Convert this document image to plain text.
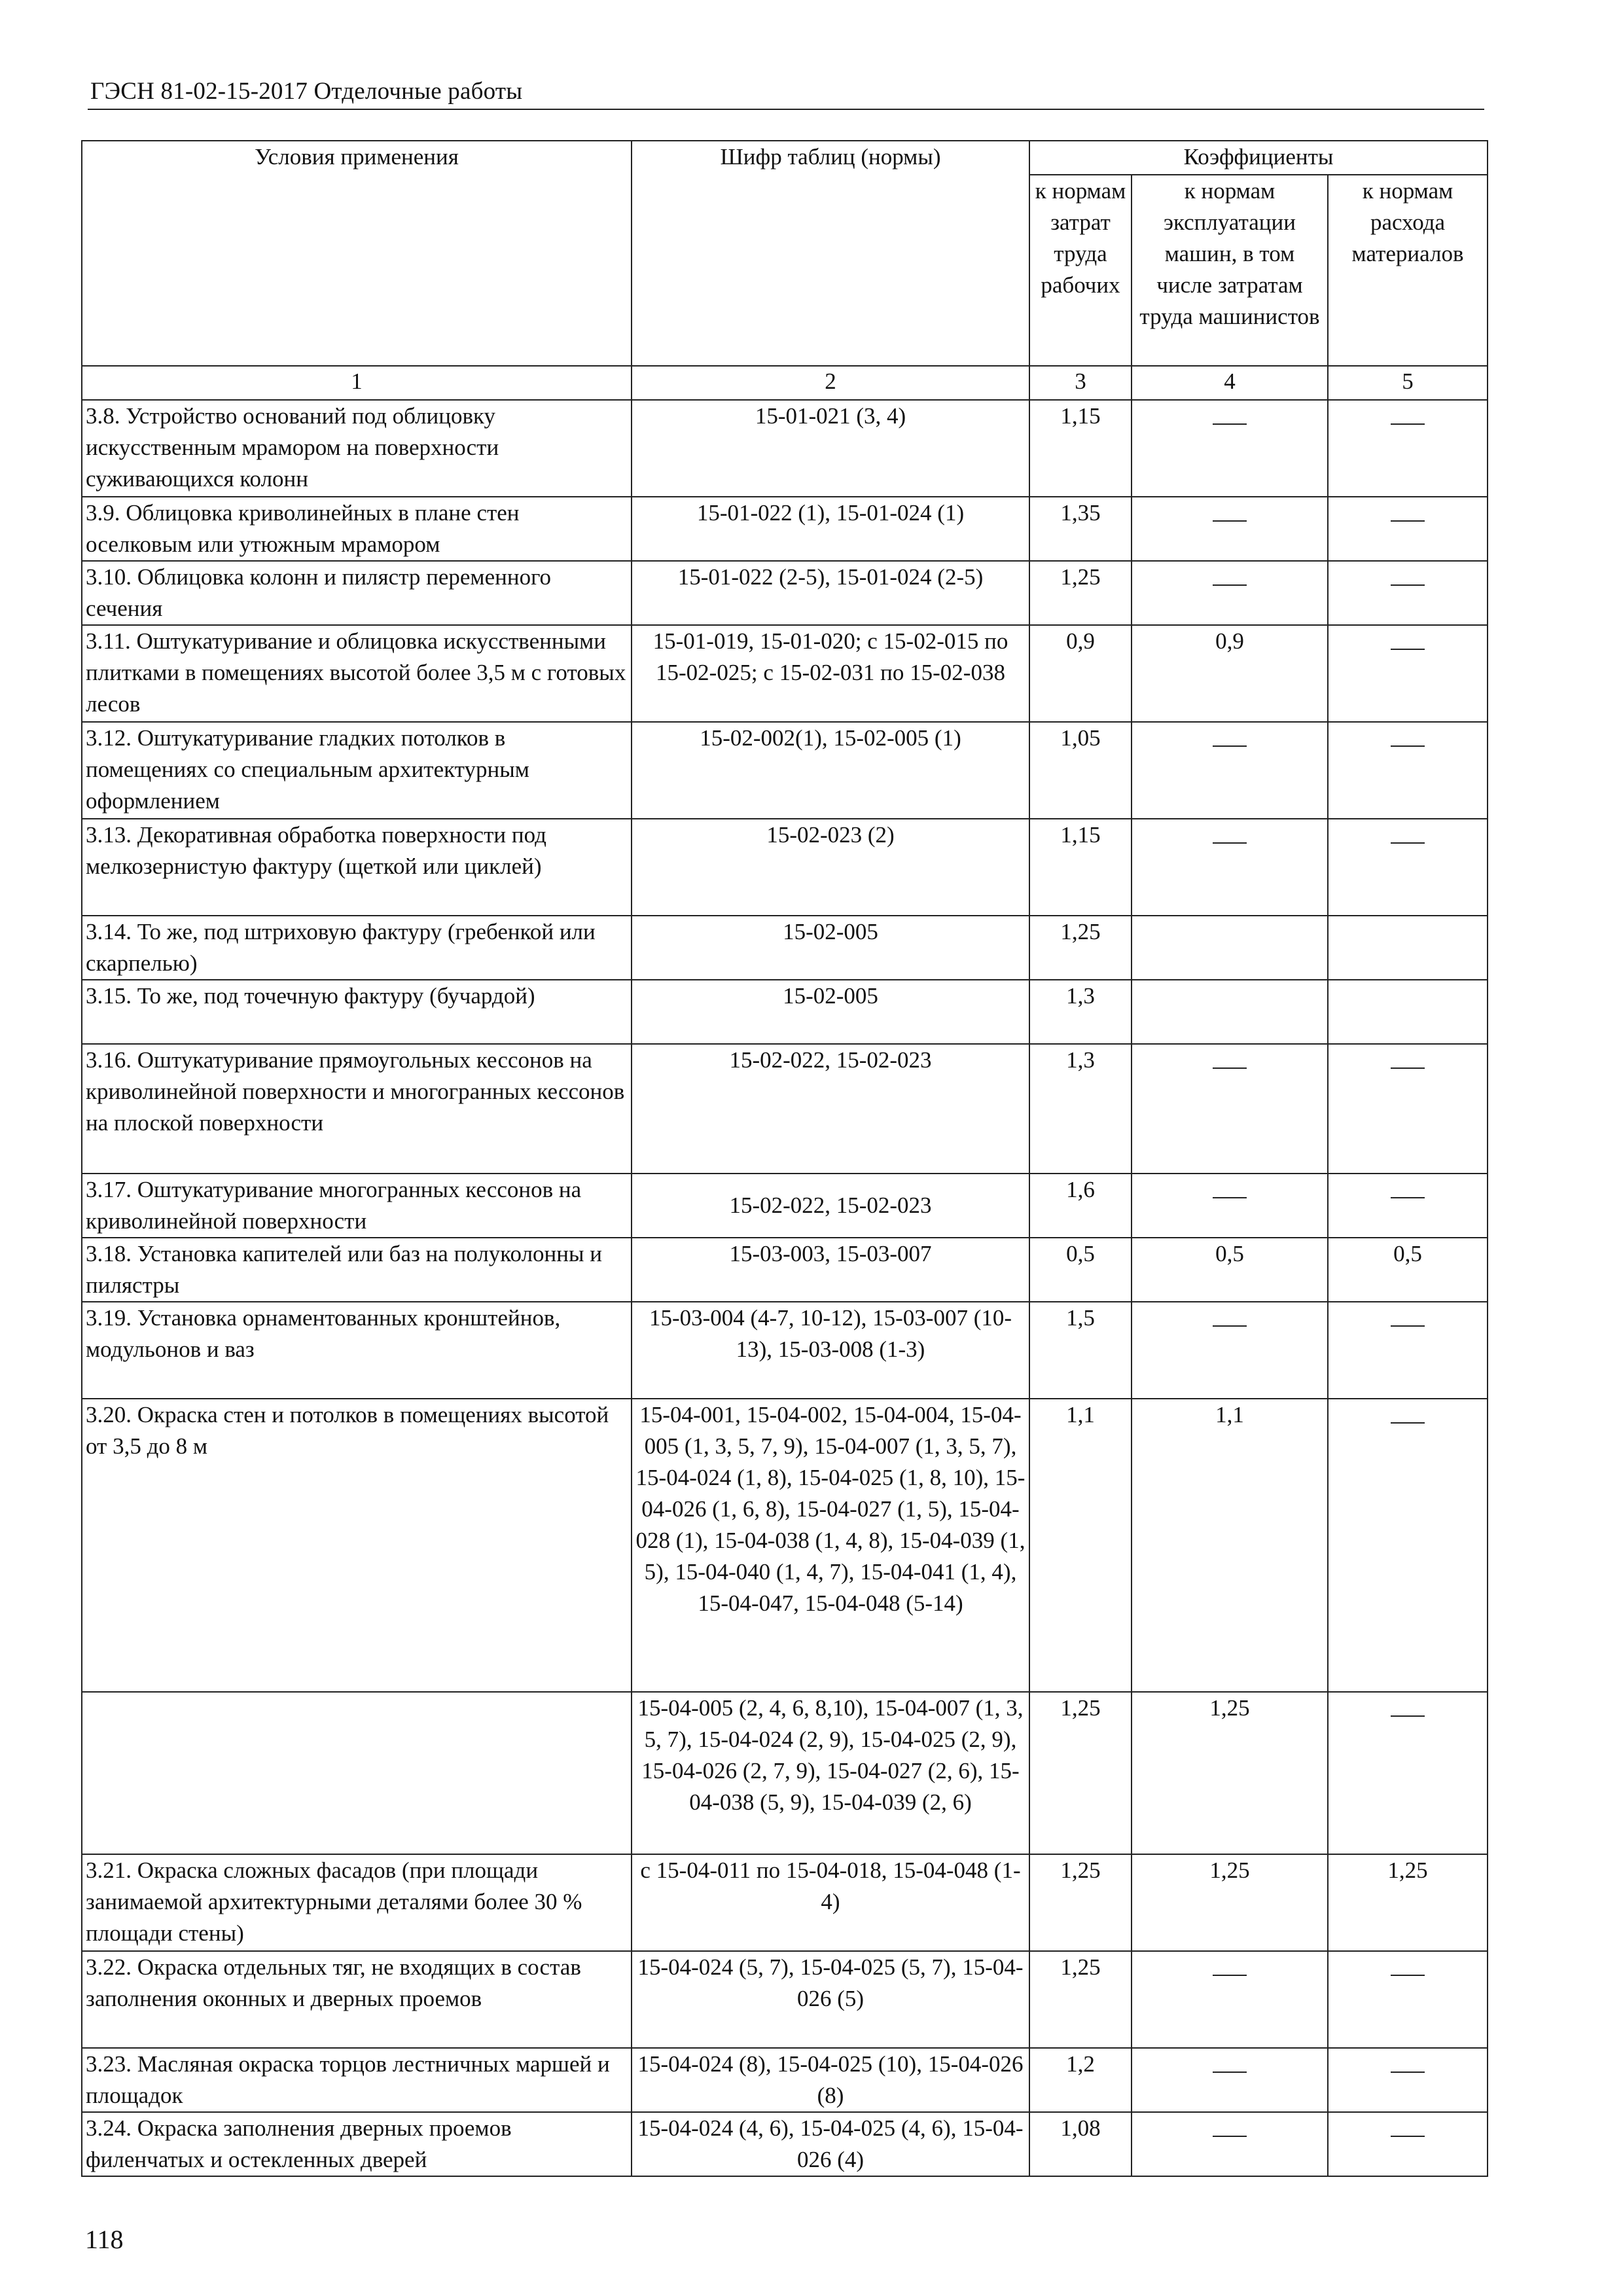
ГЭСН 81-02-15-2017 Отделочные работы
Условия применения	Шифр таблиц (нормы)	Коэффициенты		
		к нормам затрат труда рабочих	к нормам эксплуатации машин, в том числе затратам труда машинистов	к нормам расхода материалов
1	2	3	4	5
3.8. Устройство оснований под облицовку искусственным мрамором на поверхности суживающихся колонн	15-01-021 (3, 4)	1,15		
3.9. Облицовка криволинейных в плане стен оселковым или утюжным мрамором	15-01-022 (1), 15-01-024 (1)	1,35		
3.10. Облицовка колонн и пилястр переменного сечения	15-01-022 (2-5), 15-01-024 (2-5)	1,25		
3.11. Оштукатуривание и облицовка искусственными плитками в помещениях высотой более 3,5 м с готовых лесов	15-01-019, 15-01-020; с 15-02-015 по 15-02-025; с 15-02-031 по 15-02-038	0,9	0,9	
3.12. Оштукатуривание гладких потолков в помещениях со специальным архитектурным оформлением	15-02-002(1), 15-02-005 (1)	1,05		
3.13. Декоративная обработка поверхности под мелкозернистую фактуру (щеткой или циклей)	15-02-023 (2)	1,15		
3.14. То же, под штриховую фактуру (гребенкой или скарпелью)	15-02-005	1,25		
3.15. То же, под точечную фактуру (бучардой)	15-02-005	1,3		
3.16. Оштукатуривание прямоугольных кессонов на криволинейной поверхности и многогранных кессонов на плоской поверхности	15-02-022, 15-02-023	1,3		
3.17. Оштукатуривание многогранных кессонов на криволинейной поверхности	15-02-022, 15-02-023	1,6		
3.18. Установка капителей или баз на полуколонны и пилястры	15-03-003, 15-03-007	0,5	0,5	0,5
3.19. Установка орнаментованных кронштейнов, модульонов и ваз	15-03-004 (4-7, 10-12), 15-03-007 (10-13), 15-03-008 (1-3)	1,5		
3.20. Окраска стен и потолков в помещениях высотой от 3,5 до 8 м	15-04-001, 15-04-002, 15-04-004, 15-04-005 (1, 3, 5, 7, 9), 15-04-007 (1, 3, 5, 7), 15-04-024 (1, 8), 15-04-025 (1, 8, 10), 15-04-026 (1, 6, 8), 15-04-027 (1, 5), 15-04-028 (1), 15-04-038 (1, 4, 8), 15-04-039 (1, 5), 15-04-040 (1, 4, 7), 15-04-041 (1, 4), 15-04-047, 15-04-048 (5-14)	1,1	1,1	
	15-04-005 (2, 4, 6, 8,10), 15-04-007 (1, 3, 5, 7), 15-04-024 (2, 9), 15-04-025 (2, 9), 15-04-026 (2, 7, 9), 15-04-027 (2, 6), 15-04-038 (5, 9), 15-04-039 (2, 6)	1,25	1,25	
3.21. Окраска сложных фасадов (при площади занимаемой архитектурными деталями более 30 % площади стены)	с 15-04-011 по 15-04-018, 15-04-048 (1-4)	1,25	1,25	1,25
3.22. Окраска отдельных тяг, не входящих в состав заполнения оконных и дверных проемов	15-04-024 (5, 7), 15-04-025 (5, 7), 15-04-026 (5)	1,25		
3.23. Масляная окраска торцов лестничных маршей и площадок	15-04-024 (8), 15-04-025 (10), 15-04-026 (8)	1,2		
3.24. Окраска заполнения дверных проемов филенчатых и остекленных дверей	15-04-024 (4, 6), 15-04-025 (4, 6), 15-04-026 (4)	1,08		
118
